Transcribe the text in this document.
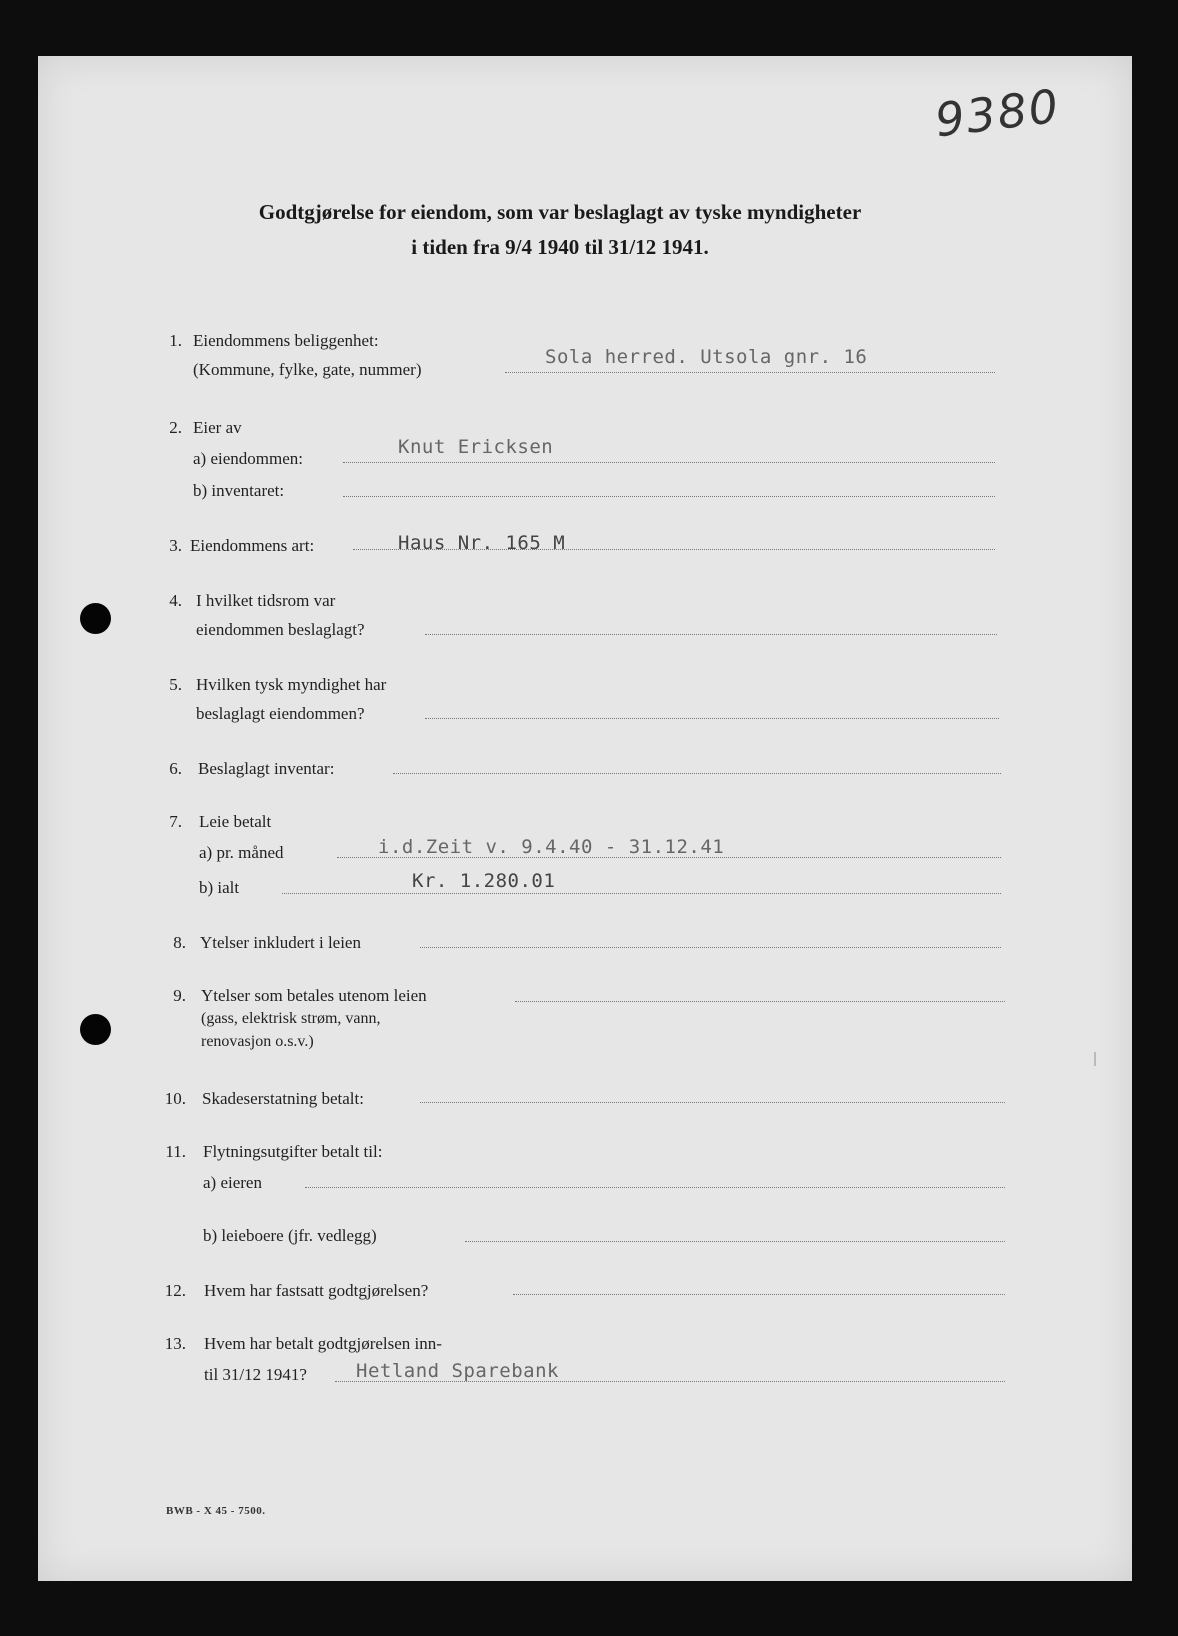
9380
Godtgjørelse for eiendom, som var beslaglagt av tyske myndigheter
i tiden fra 9/4 1940 til 31/12 1941.
1. Eiendommens beliggenhet:
(Kommune, fylke, gate, nummer)
Sola herred. Utsola gnr. 16
2. Eier av
a) eiendommen:
Knut Ericksen
b) inventaret:
3. Eiendommens art:	Haus Nr. 165 M
4. I hvilket tidsrom var
eiendommen beslaglagt?
5. Hvilken tysk myndighet har
beslaglagt eiendommen?
6. Beslaglagt inventar:
7. Leie betalt
a) pr. måned	i.d.Zeit v. 9.4.40 - 31.12.41
b) ialt	Kr. 1.280.01
8. Ytelser inkludert i leien
9. Ytelser som betales utenom leien
(gass, elektrisk strøm, vann,
renovasjon o.s.v.)
10. Skadeserstatning betalt:
11. Flytningsutgifter betalt til:
a) eieren
b) leieboere (jfr. vedlegg)
12. Hvem har fastsatt godtgjørelsen?
13. Hvem har betalt godtgjørelsen inn-
til 31/12 1941?	Hetland Sparebank
BWB - X 45 - 7500.
